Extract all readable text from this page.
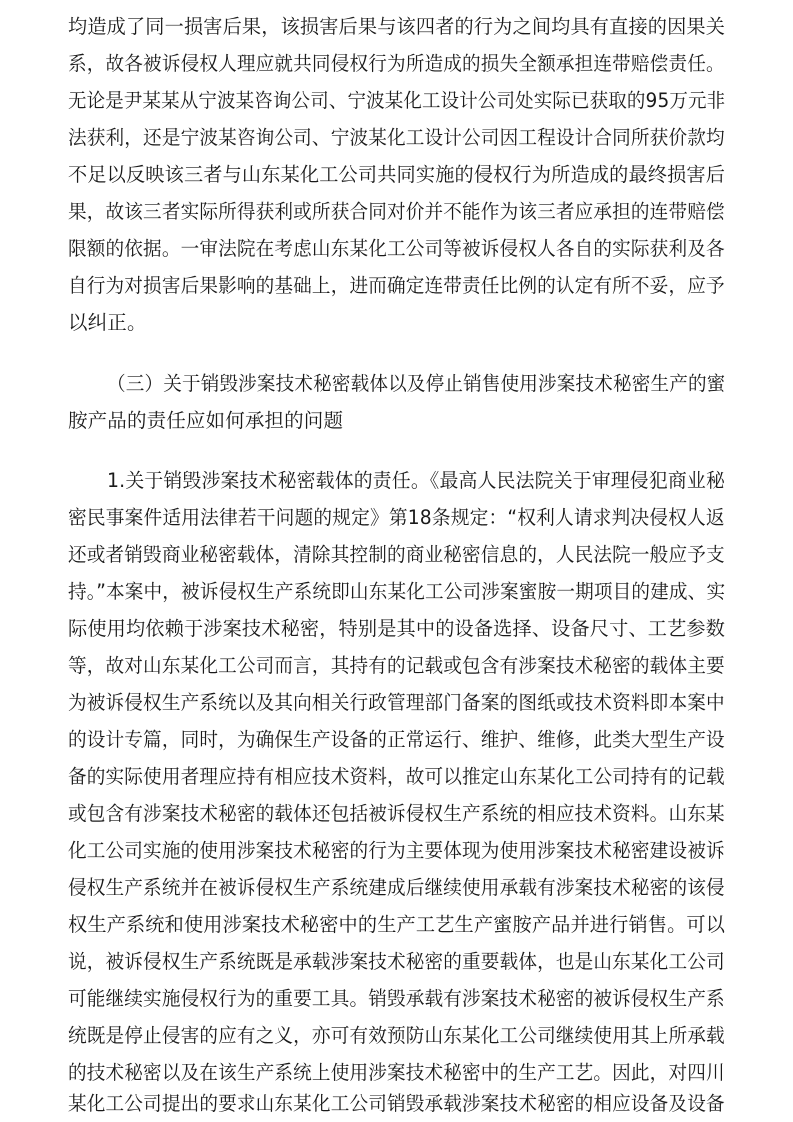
均造成了同一损害后果，该损害后果与该四者的行为之间均具有直接的因果关
系，故各被诉侵权人理应就共同侵权行为所造成的损失全额承担连带赔偿责任。
无论是尹某某从宁波某咨询公司、宁波某化工设计公司处实际已获取的95万元非
法获利，还是宁波某咨询公司、宁波某化工设计公司因工程设计合同所获价款均
不足以反映该三者与山东某化工公司共同实施的侵权行为所造成的最终损害后
果，故该三者实际所得获利或所获合同对价并不能作为该三者应承担的连带赔偿
限额的依据。一审法院在考虑山东某化工公司等被诉侵权人各自的实际获利及各
自行为对损害后果影响的基础上，进而确定连带责任比例的认定有所不妥，应予
以纠正。
（三）关于销毁涉案技术秘密载体以及停止销售使用涉案技术秘密生产的蜜
胺产品的责任应如何承担的问题
1.关于销毁涉案技术秘密载体的责任。《最高人民法院关于审理侵犯商业秘
密民事案件适用法律若干问题的规定》第18条规定：“权利人请求判决侵权人返
还或者销毁商业秘密载体，清除其控制的商业秘密信息的，人民法院一般应予支
持。”本案中，被诉侵权生产系统即山东某化工公司涉案蜜胺一期项目的建成、实
际使用均依赖于涉案技术秘密，特别是其中的设备选择、设备尺寸、工艺参数
等，故对山东某化工公司而言，其持有的记载或包含有涉案技术秘密的载体主要
为被诉侵权生产系统以及其向相关行政管理部门备案的图纸或技术资料即本案中
的设计专篇，同时，为确保生产设备的正常运行、维护、维修，此类大型生产设
备的实际使用者理应持有相应技术资料，故可以推定山东某化工公司持有的记载
或包含有涉案技术秘密的载体还包括被诉侵权生产系统的相应技术资料。山东某
化工公司实施的使用涉案技术秘密的行为主要体现为使用涉案技术秘密建设被诉
侵权生产系统并在被诉侵权生产系统建成后继续使用承载有涉案技术秘密的该侵
权生产系统和使用涉案技术秘密中的生产工艺生产蜜胺产品并进行销售。可以
说，被诉侵权生产系统既是承载涉案技术秘密的重要载体，也是山东某化工公司
可能继续实施侵权行为的重要工具。销毁承载有涉案技术秘密的被诉侵权生产系
统既是停止侵害的应有之义，亦可有效预防山东某化工公司继续使用其上所承载
的技术秘密以及在该生产系统上使用涉案技术秘密中的生产工艺。因此，对四川
某化工公司提出的要求山东某化工公司销毁承载涉案技术秘密的相应设备及设备
